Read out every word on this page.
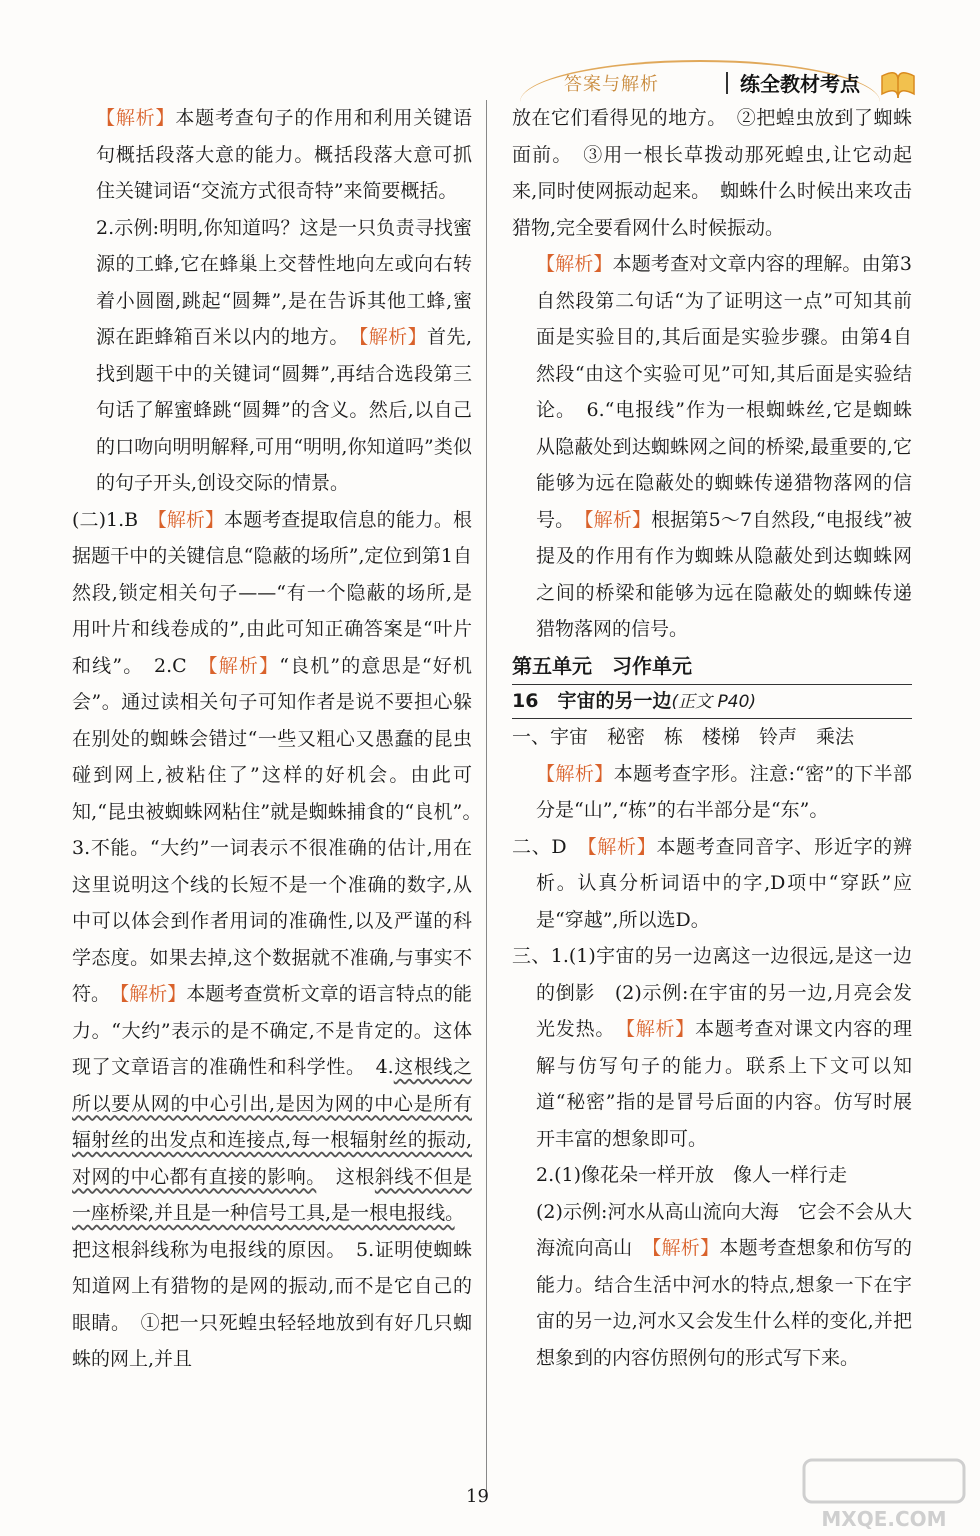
答案与解析	练全教材考点

【解析】本题考查句子的作用和利用关键语句概括段落大意的能力。概括段落大意可抓住关键词语“交流方式很奇特”来简要概括。

2.示例:明明,你知道吗？这是一只负责寻找蜜源的工蜂,它在蜂巢上交替性地向左或向右转着小圆圈,跳起“圆舞”,是在告诉其他工蜂,蜜源在距蜂箱百米以内的地方。　 【解析】首先,找到题干中的关键词“圆舞”,再结合选段第三句话了解蜜蜂跳“圆舞”的含义。然后,以自己的口吻向明明解释,可用“明明,你知道吗”类似的句子开头,创设交际的情景。

(二)1.B　 【解析】本题考查提取信息的能力。根据题干中的关键信息“隐蔽的场所”,定位到第1自然段,锁定相关句子——“有一个隐蔽的场所,是用叶片和线卷成的”,由此可知正确答案是“叶片和线”。　2.C　 【解析】“良机”的意思是“好机会”。通过读相关句子可知作者是说不要担心躲在别处的蜘蛛会错过“一些又粗心又愚蠢的昆虫碰到网上,被粘住了”这样的好机会。由此可知,“昆虫被蜘蛛网粘住”就是蜘蛛捕食的“良机”。　3.不能。“大约”一词表示不很准确的估计,用在这里说明这个线的长短不是一个准确的数字,从中可以体会到作者用词的准确性,以及严谨的科学态度。如果去掉,这个数据就不准确,与事实不符。　 【解析】本题考查赏析文章的语言特点的能力。“大约”表示的是不确定,不是肯定的。这体现了文章语言的准确性和科学性。　4.这根线之所以要从网的中心引出,是因为网的中心是所有辐射丝的出发点和连接点,每一根辐射丝的振动,对网的中心都有直接的影响。　这根斜线不但是一座桥梁,并且是一种信号工具,是一根电报线。　把这根斜线称为电报线的原因。　5.证明使蜘蛛知道网上有猎物的是网的振动,而不是它自己的眼睛。　①把一只死蝗虫轻轻地放到有好几只蜘蛛的网上,并且

放在它们看得见的地方。　②把蝗虫放到了蜘蛛面前。　③用一根长草拨动那死蝗虫,让它动起来,同时使网振动起来。　蜘蛛什么时候出来攻击猎物,完全要看网什么时候振动。

【解析】本题考查对文章内容的理解。由第3自然段第二句话“为了证明这一点”可知其前面是实验目的,其后面是实验步骤。由第4自然段“由这个实验可见”可知,其后面是实验结论。　6.“电报线”作为一根蜘蛛丝,它是蜘蛛从隐蔽处到达蜘蛛网之间的桥梁,最重要的,它能够为远在隐蔽处的蜘蛛传递猎物落网的信号。　 【解析】根据第5～7自然段,“电报线”被提及的作用有作为蜘蛛从隐蔽处到达蜘蛛网之间的桥梁和能够为远在隐蔽处的蜘蛛传递猎物落网的信号。

第五单元　习作单元

16　 宇宙的另一边(正文 P40)

一、宇宙　秘密　栋　楼梯　铃声　乘法

【解析】本题考查字形。注意:“密”的下半部分是“山”,“栋”的右半部分是“东”。

二、D　 【解析】本题考查同音字、形近字的辨析。认真分析词语中的字,D项中“穿跃”应是“穿越”,所以选D。

三、1.(1)宇宙的另一边离这一边很远,是这一边的倒影　(2)示例:在宇宙的另一边,月亮会发光发热。　 【解析】本题考查对课文内容的理解与仿写句子的能力。联系上下文可以知道“秘密”指的是冒号后面的内容。仿写时展开丰富的想象即可。

2.(1)像花朵一样开放　像人一样行走

(2)示例:河水从高山流向大海　它会不会从大海流向高山　 【解析】本题考查想象和仿写的能力。结合生活中河水的特点,想象一下在宇宙的另一边,河水又会发生什么样的变化,并把想象到的内容仿照例句的形式写下来。

19
MXQE.COM
